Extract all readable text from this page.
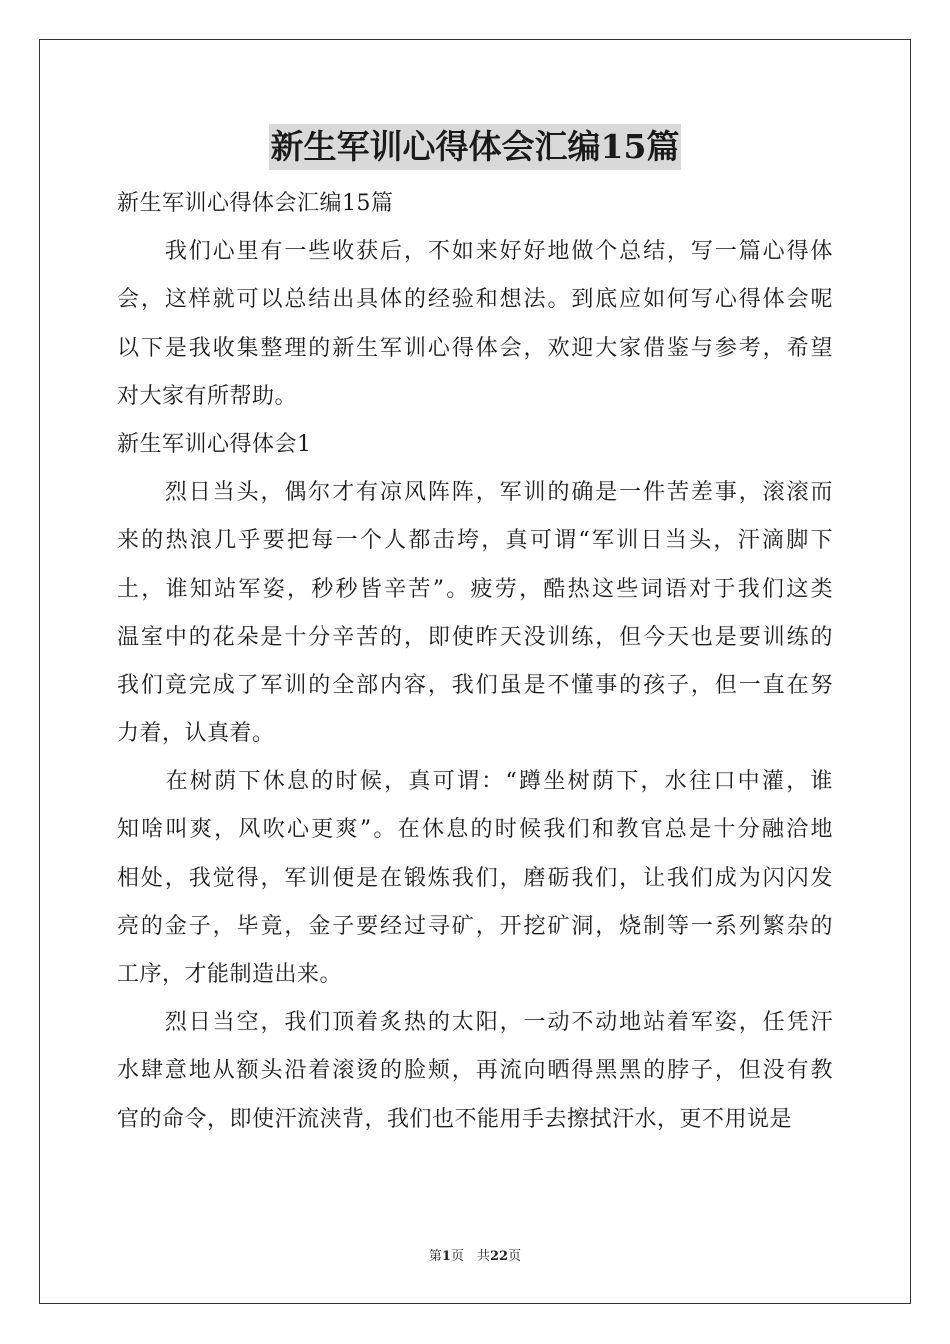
新生军训心得体会汇编15篇
新生军训心得体会汇编15篇
　　我们心里有一些收获后，不如来好好地做个总结，写一篇心得体
会，这样就可以总结出具体的经验和想法。到底应如何写心得体会呢
以下是我收集整理的新生军训心得体会，欢迎大家借鉴与参考，希望
对大家有所帮助。
新生军训心得体会1
　　烈日当头，偶尔才有凉风阵阵，军训的确是一件苦差事，滚滚而
来的热浪几乎要把每一个人都击垮，真可谓“军训日当头，汗滴脚下
土，谁知站军姿，秒秒皆辛苦”。疲劳，酷热这些词语对于我们这类
温室中的花朵是十分辛苦的，即使昨天没训练，但今天也是要训练的
我们竟完成了军训的全部内容，我们虽是不懂事的孩子，但一直在努
力着，认真着。
　　在树荫下休息的时候，真可谓：“蹲坐树荫下，水往口中灌，谁
知啥叫爽，风吹心更爽”。在休息的时候我们和教官总是十分融洽地
相处，我觉得，军训便是在锻炼我们，磨砺我们，让我们成为闪闪发
亮的金子，毕竟，金子要经过寻矿，开挖矿洞，烧制等一系列繁杂的
工序，才能制造出来。
　　烈日当空，我们顶着炙热的太阳，一动不动地站着军姿，任凭汗
水肆意地从额头沿着滚烫的脸颊，再流向晒得黑黑的脖子，但没有教
官的命令，即使汗流浃背，我们也不能用手去擦拭汗水，更不用说是
第1页　共22页
